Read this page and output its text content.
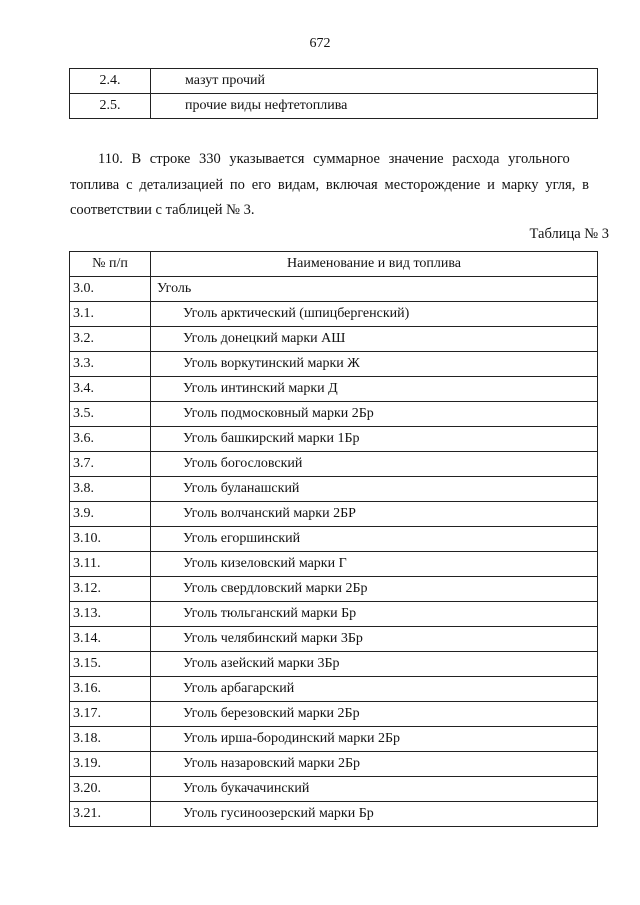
672
2.4.	мазут прочий
2.5.	прочие виды нефтетоплива
110. В строке 330 указывается суммарное значение расхода угольного
топлива с детализацией по его видам, включая месторождение и марку угля, в
соответствии с таблицей № 3.
Таблица № 3
№ п/п	Наименование и вид топлива
3.0.	Уголь
3.1.	Уголь арктический (шпицбергенский)
3.2.	Уголь донецкий марки АШ
3.3.	Уголь воркутинский марки Ж
3.4.	Уголь интинский марки Д
3.5.	Уголь подмосковный марки 2Бр
3.6.	Уголь башкирский марки 1Бр
3.7.	Уголь богословский
3.8.	Уголь буланашский
3.9.	Уголь волчанский марки 2БР
3.10.	Уголь егоршинский
3.11.	Уголь кизеловский марки Г
3.12.	Уголь свердловский марки 2Бр
3.13.	Уголь тюльганский марки Бр
3.14.	Уголь челябинский марки 3Бр
3.15.	Уголь азейский марки 3Бр
3.16.	Уголь арбагарский
3.17.	Уголь березовский марки 2Бр
3.18.	Уголь ирша-бородинский марки 2Бр
3.19.	Уголь назаровский марки 2Бр
3.20.	Уголь букачачинский
3.21.	Уголь гусиноозерский марки Бр
